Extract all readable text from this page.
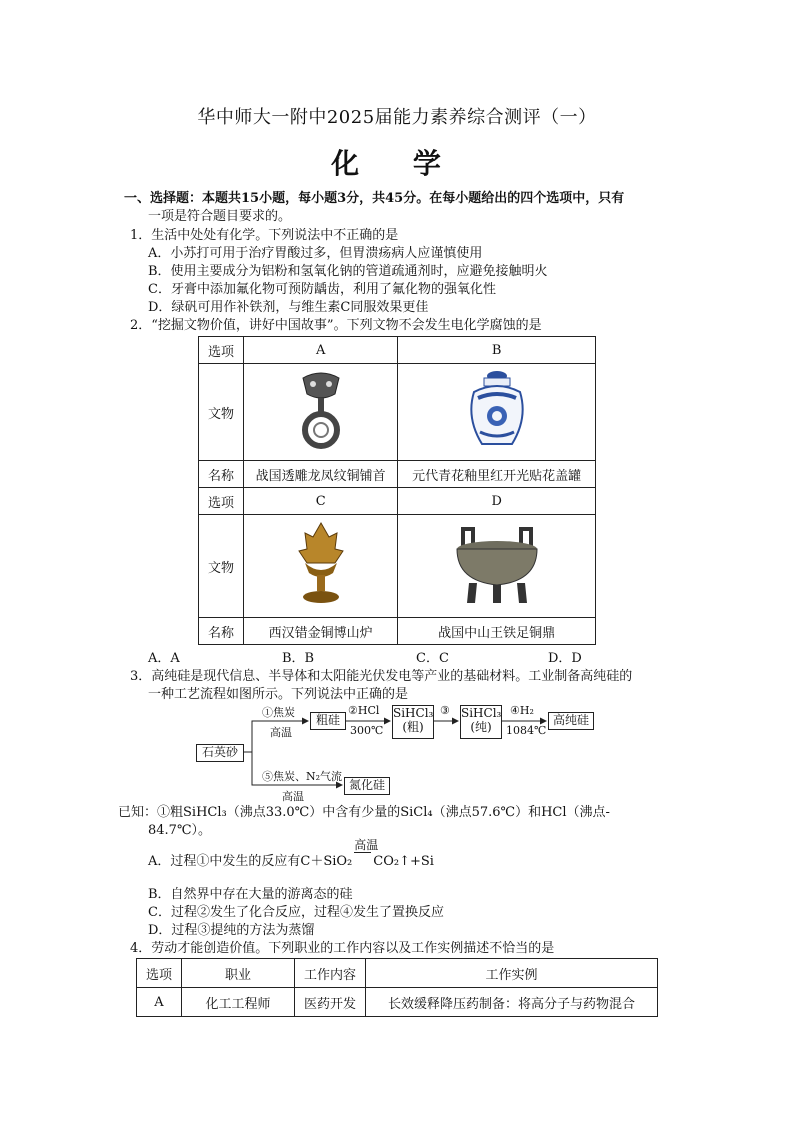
华中师大一附中2025届能力素养综合测评（一）
化 学
一、选择题：本题共15小题，每小题3分，共45分。在每小题给出的四个选项中，只有
一项是符合题目要求的。
1．生活中处处有化学。下列说法中不正确的是
A．小苏打可用于治疗胃酸过多，但胃溃疡病人应谨慎使用
B．使用主要成分为铝粉和氢氧化钠的管道疏通剂时，应避免接触明火
C．牙膏中添加氟化物可预防龋齿，利用了氟化物的强氧化性
D．绿矾可用作补铁剂，与维生素C同服效果更佳
2．“挖掘文物价值，讲好中国故事”。下列文物不会发生电化学腐蚀的是
选项	A	B
文物		
名称	战国透雕龙凤纹铜铺首	元代青花釉里红开光贴花盖罐
选项	C	D
文物		
名称	西汉错金铜博山炉	战国中山王铁足铜鼎
A．A	B．B	C．C	D．D
3．高纯硅是现代信息、半导体和太阳能光伏发电等产业的基础材料。工业制备高纯硅的
一种工艺流程如图所示。下列说法中正确的是
石英砂
①焦炭
高温
粗硅
②HCl
300℃
SiHCl₃
(粗)
③ SiHCl₃
(纯)
④H₂
1084℃
高纯硅
⑤焦炭、N₂气流
高温
氮化硅
已知：①粗SiHCl₃（沸点33.0℃）中含有少量的SiCl₄（沸点57.6℃）和HCl（沸点-
84.7℃）。
A．过程①中发生的反应有C＋SiO₂
高温
 CO₂↑+Si
B．自然界中存在大量的游离态的硅
C．过程②发生了化合反应，过程④发生了置换反应
D．过程③提纯的方法为蒸馏
4．劳动才能创造价值。下列职业的工作内容以及工作实例描述不恰当的是
选项	职业	工作内容	工作实例
A	化工工程师	医药开发	长效缓释降压药制备：将高分子与药物混合
